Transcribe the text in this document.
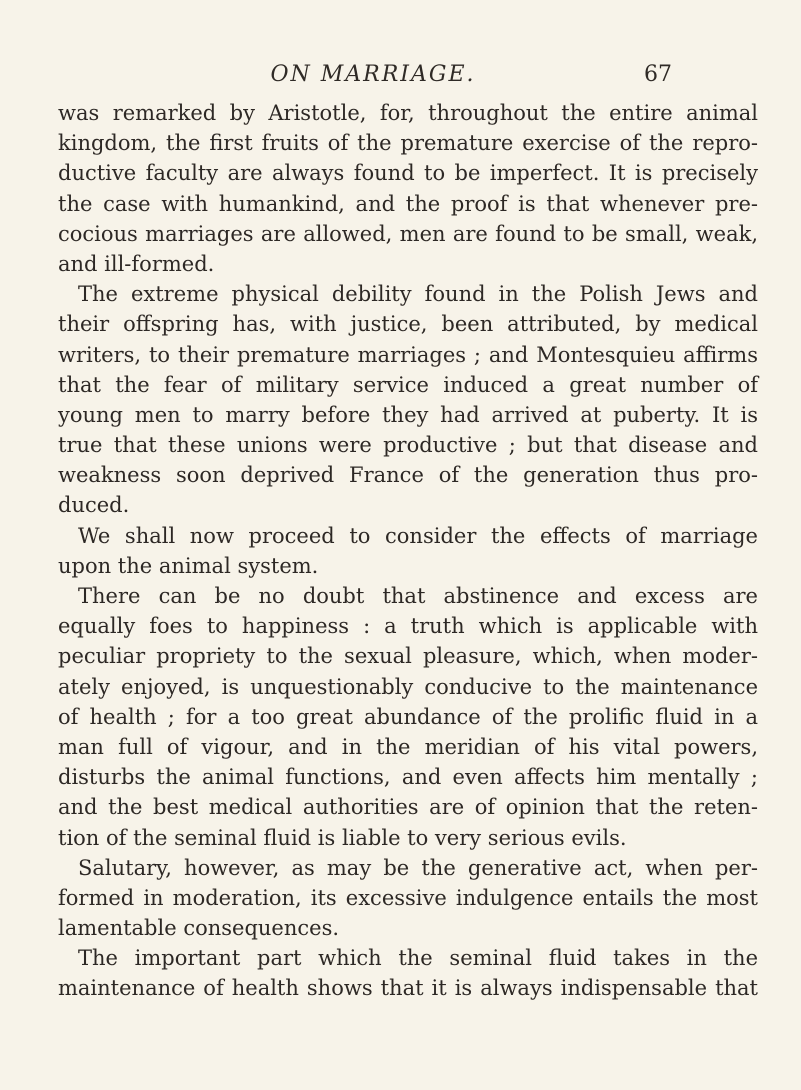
ON MARRIAGE.	67
was remarked by Aristotle, for, throughout the entire animal
kingdom, the first fruits of the premature exercise of the repro-
ductive faculty are always found to be imperfect. It is precisely
the case with humankind, and the proof is that whenever pre-
cocious marriages are allowed, men are found to be small, weak,
and ill-formed.
The extreme physical debility found in the Polish Jews and
their offspring has, with justice, been attributed, by medical
writers, to their premature marriages ; and Montesquieu affirms
that the fear of military service induced a great number of
young men to marry before they had arrived at puberty. It is
true that these unions were productive ; but that disease and
weakness soon deprived France of the generation thus pro-
duced.
We shall now proceed to consider the effects of marriage
upon the animal system.
There can be no doubt that abstinence and excess are
equally foes to happiness : a truth which is applicable with
peculiar propriety to the sexual pleasure, which, when moder-
ately enjoyed, is unquestionably conducive to the maintenance
of health ; for a too great abundance of the prolific fluid in a
man full of vigour, and in the meridian of his vital powers,
disturbs the animal functions, and even affects him mentally ;
and the best medical authorities are of opinion that the reten-
tion of the seminal fluid is liable to very serious evils.
Salutary, however, as may be the generative act, when per-
formed in moderation, its excessive indulgence entails the most
lamentable consequences.
The important part which the seminal fluid takes in the
maintenance of health shows that it is always indispensable that
